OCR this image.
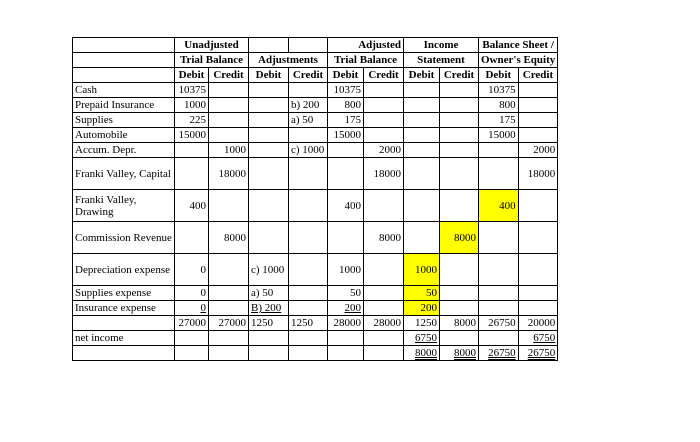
	Unadjusted				Adjusted		Income		Balance Sheet /	
	Trial Balance		Adjustments		Trial Balance		Statement		Owner's Equity	
	Debit	Credit	Debit	Credit	Debit	Credit	Debit	Credit	Debit	Credit
Cash	10375				10375				10375	
Prepaid Insurance	1000			b) 200	800				800	
Supplies	225			a) 50	175				175	
Automobile	15000				15000				15000	
Accum. Depr.		1000		c) 1000		2000				2000
Franki Valley, Capital		18000				18000				18000
Franki Valley, Drawing	400				400				400	
Commission Revenue		8000				8000		8000		
Depreciation expense	0		c) 1000		1000		1000			
Supplies expense	0		a) 50		50		50			
Insurance expense	0		B) 200		200		200			
	27000	27000	1250	1250	28000	28000	1250	8000	26750	20000
net income							6750			6750
							8000	8000	26750	26750
